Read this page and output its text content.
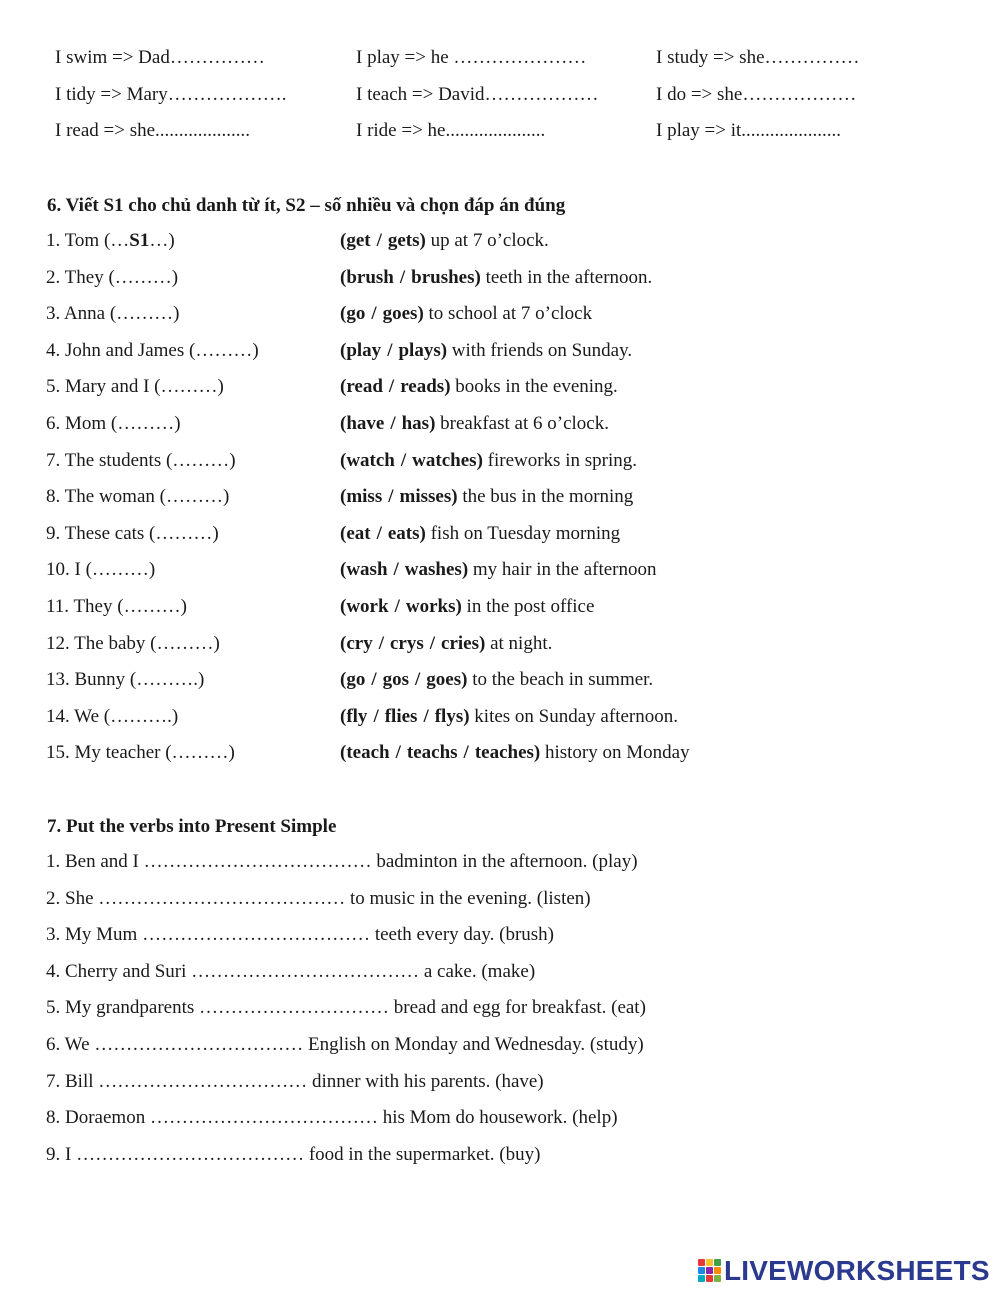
I swim => Dad……………	I play => he …………………	I study => she……………
I tidy => Mary……………….	I teach => David………………	I do => she………………
I read => she....................	I ride => he.....................	I play => it.....................
6. Viết S1 cho chủ danh từ ít, S2 – số nhiều và chọn đáp án đúng
1. Tom (…S1…)	(get / gets) up at 7 o’clock.
2. They (………)	(brush / brushes) teeth in the afternoon.
3. Anna (………)	(go / goes) to school at 7 o’clock
4. John and James (………)	(play / plays) with friends on Sunday.
5. Mary and I (………)	(read / reads) books in the evening.
6. Mom (………)	(have / has) breakfast at 6 o’clock.
7. The students (………)	(watch / watches) fireworks in spring.
8. The woman (………)	(miss / misses) the bus in the morning
9. These cats (………)	(eat / eats) fish on Tuesday morning
10. I (………)	(wash / washes) my hair in the afternoon
11. They (………)	(work / works) in the post office
12. The baby (………)	(cry / crys / cries) at night.
13. Bunny (……….)	(go / gos / goes) to the beach in summer.
14. We (……….)	(fly / flies / flys) kites on Sunday afternoon.
15. My teacher (………)	(teach / teachs / teaches) history on Monday
7. Put the verbs into Present Simple
1. Ben and I ……………………………… badminton in the afternoon. (play)
2. She ………………………………… to music in the evening. (listen)
3. My Mum ……………………………… teeth every day. (brush)
4. Cherry and Suri ……………………………… a cake. (make)
5. My grandparents ………………………… bread and egg for breakfast. (eat)
6. We …………………………… English on Monday and Wednesday. (study)
7. Bill …………………………… dinner with his parents. (have)
8. Doraemon ……………………………… his Mom do housework. (help)
9. I ……………………………… food in the supermarket. (buy)
LIVEWORKSHEETS
